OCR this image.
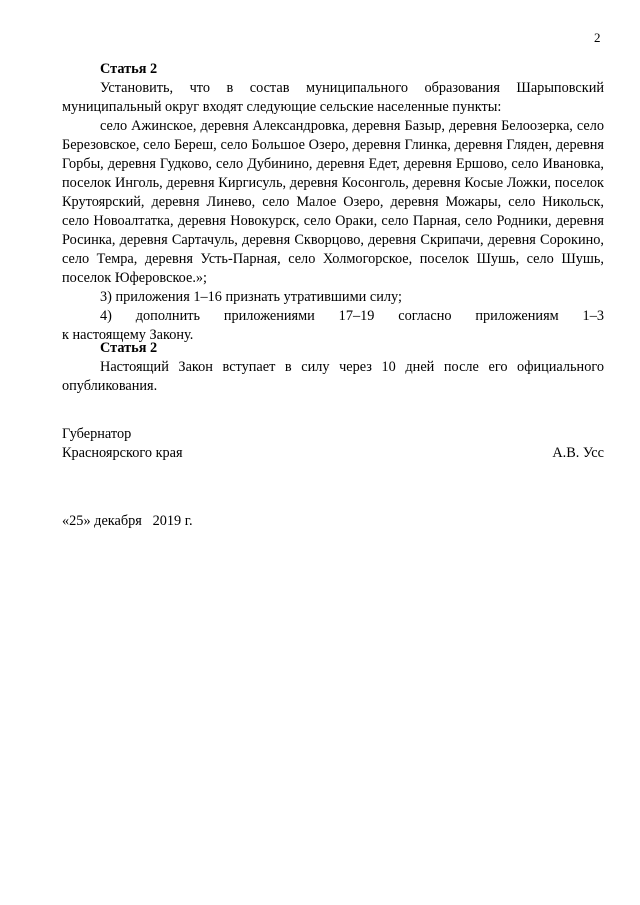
2

Статья 2

Установить, что в состав муниципального образования Шарыповский муниципальный округ входят следующие сельские населенные пункты:

село Ажинское, деревня Александровка, деревня Базыр, деревня Белоозерка, село Березовское, село Береш, село Большое Озеро, деревня Глинка, деревня Гляден, деревня Горбы, деревня Гудково, село Дубинино, деревня Едет, деревня Ершово, село Ивановка, поселок Инголь, деревня Киргисуль, деревня Косонголь, деревня Косые Ложки, поселок Крутоярский, деревня Линево, село Малое Озеро, деревня Можары, село Никольск, село Новоалтатка, деревня Новокурск, село Ораки, село Парная, село Родники, деревня Росинка, деревня Сартачуль, деревня Скворцово, деревня Скрипачи, деревня Сорокино, село Темра, деревня Усть-Парная, село Холмогорское, поселок Шушь, село Шушь, поселок Юферовское.»;

3) приложения 1–16 признать утратившими силу;

4) дополнить приложениями 17–19 согласно приложениям 1–3

к настоящему Закону.

Статья 2

Настоящий Закон вступает в силу через 10 дней после его официального опубликования.

Губернатор
Красноярского края	А.В. Усс
«25» декабря   2019 г.
